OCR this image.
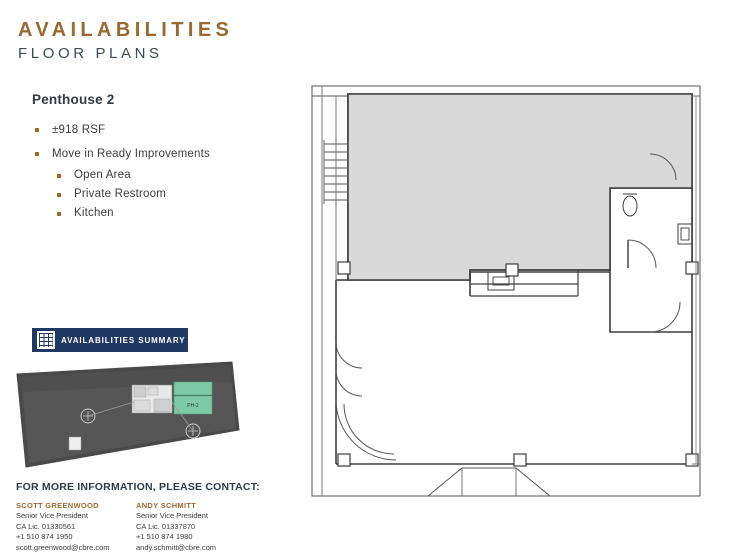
AVAILABILITIES
FLOOR PLANS
Penthouse 2
±918 RSF
Move in Ready Improvements
Open Area
Private Restroom
Kitchen
AVAILABILITIES SUMMARY
PH-2
FOR MORE INFORMATION, PLEASE CONTACT:
SCOTT GREENWOOD
Senior Vice President
CA Lic. 01330561
+1 510 874 1950
scott.greenwood@cbre.com
ANDY SCHMITT
Senior Vice President
CA Lic. 01337870
+1 510 874 1980
andy.schmitt@cbre.com
